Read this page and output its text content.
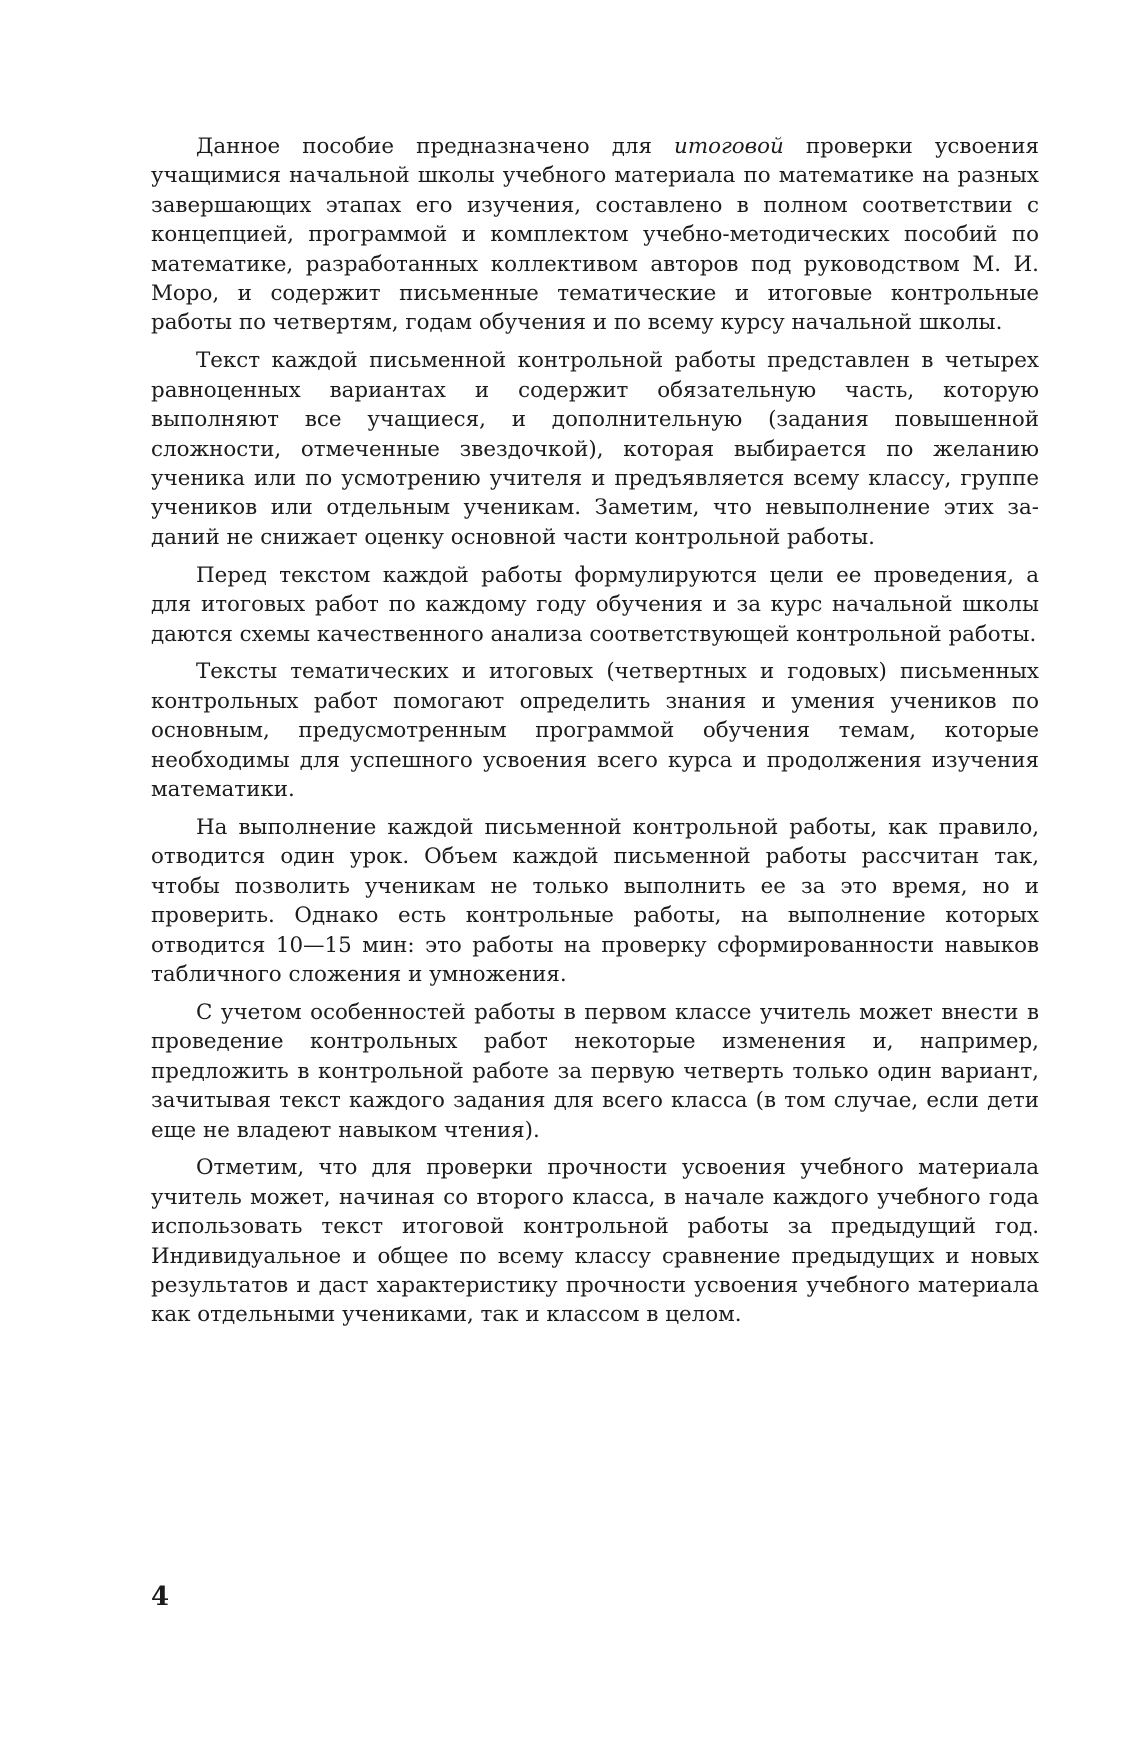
Данное пособие предназначено для итоговой проверки усвоения учащимися начальной школы учебного материала по математике на разных завершающих этапах его изучения, составлено в полном соответствии с концепцией, программой и комплектом учебно-методических пособий по математике, разработанных коллективом авторов под руководством М. И. Моро, и содержит письменные тематические и итоговые контрольные работы по четвертям, годам обучения и по всему курсу начальной школы.

Текст каждой письменной контрольной работы представлен в четырех равноценных вариантах и содержит обязательную часть, которую выполняют все учащиеся, и дополнительную (задания повышенной сложности, отмеченные звездочкой), которая выбирается по желанию ученика или по усмотрению учителя и предъявляется всему классу, группе учеников или отдельным ученикам. Заметим, что невыполнение этих заданий не снижает оценку основной части контрольной работы.

Перед текстом каждой работы формулируются цели ее проведения, а для итоговых работ по каждому году обучения и за курс начальной школы даются схемы качественного анализа соответствующей контрольной работы.

Тексты тематических и итоговых (четвертных и годовых) письменных контрольных работ помогают определить знания и умения учеников по основным, предусмотренным программой обучения темам, которые необходимы для успешного усвоения всего курса и продолжения изучения математики.

На выполнение каждой письменной контрольной работы, как правило, отводится один урок. Объем каждой письменной работы рассчитан так, чтобы позволить ученикам не только выполнить ее за это время, но и проверить. Однако есть контрольные работы, на выполнение которых отводится 10—15 мин: это работы на проверку сформированности навыков табличного сложения и умножения.

С учетом особенностей работы в первом классе учитель может внести в проведение контрольных работ некоторые изменения и, например, предложить в контрольной работе за первую четверть только один вариант, зачитывая текст каждого задания для всего класса (в том случае, если дети еще не владеют навыком чтения).

Отметим, что для проверки прочности усвоения учебного материала учитель может, начиная со второго класса, в начале каждого учебного года использовать текст итоговой контрольной работы за предыдущий год. Индивидуальное и общее по всему классу сравнение предыдущих и новых результатов и даст характеристику прочности усвоения учебного материала как отдельными учениками, так и классом в целом.

4
